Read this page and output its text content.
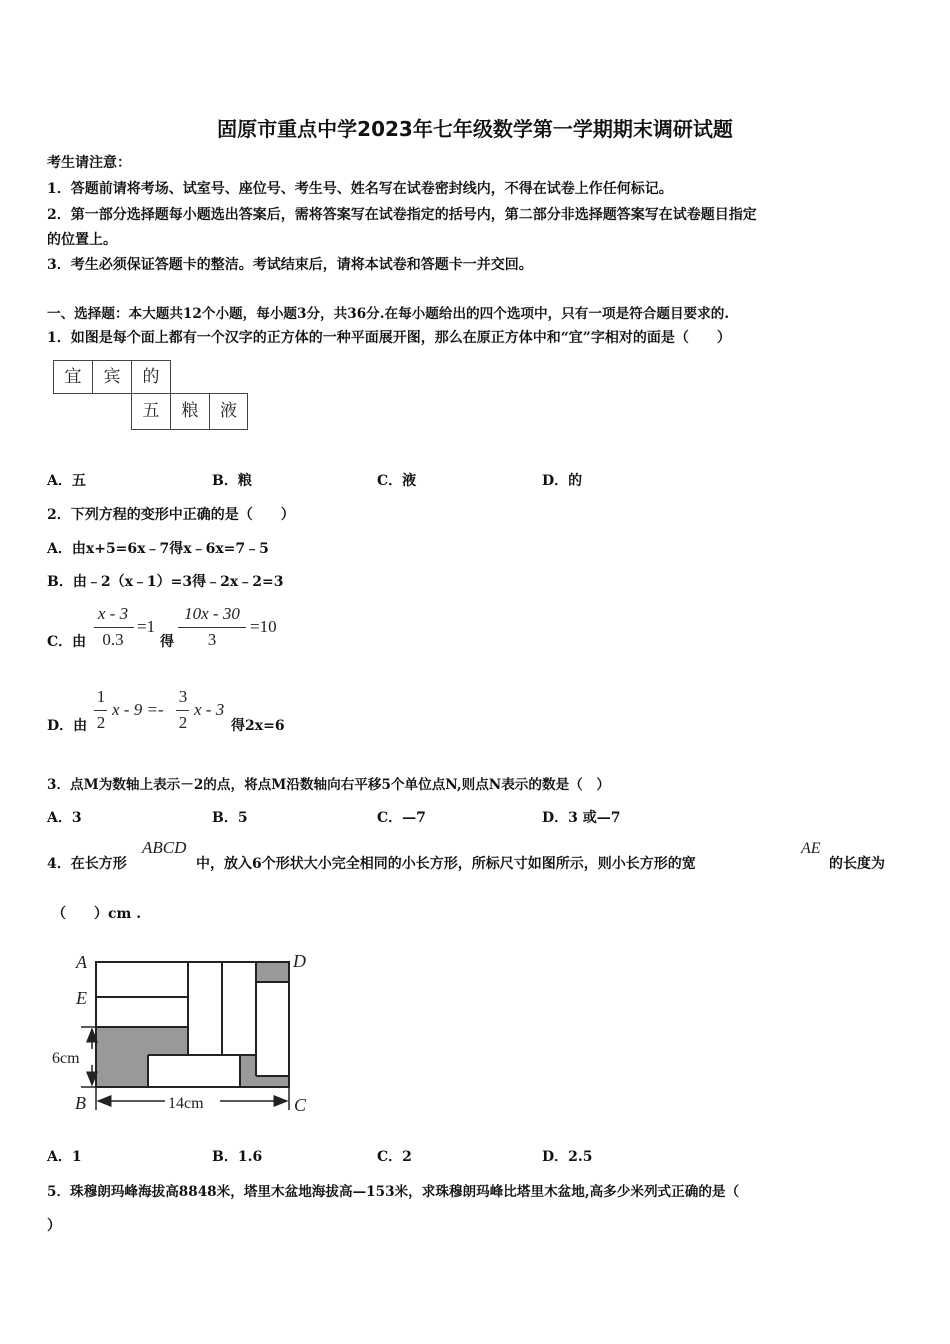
固原市重点中学2023年七年级数学第一学期期末调研试题
考生请注意：
1．答题前请将考场、试室号、座位号、考生号、姓名写在试卷密封线内，不得在试卷上作任何标记。
2．第一部分选择题每小题选出答案后，需将答案写在试卷指定的括号内，第二部分非选择题答案写在试卷题目指定
的位置上。
3．考生必须保证答题卡的整洁。考试结束后，请将本试卷和答题卡一并交回。
一、选择题：本大题共12个小题，每小题3分，共36分.在每小题给出的四个选项中，只有一项是符合题目要求的.
1．如图是每个面上都有一个汉字的正方体的一种平面展开图，那么在原正方体中和“宜”字相对的面是（　　）
宜	宾	的
五	粮	液
A．五	B．粮	C．液	D．的
2．下列方程的变形中正确的是（　　）
A．由x+5=6x﹣7得x﹣6x=7﹣5
B．由﹣2（x﹣1）=3得﹣2x﹣2=3
C．由
x - 3
0.3
=1
得
10x - 30
3
=10
D．由
1
2
x - 9 =-
3
2
x - 3
得2x=6
3．点M为数轴上表示－2的点，将点M沿数轴向右平移5个单位点N,则点N表示的数是（　）
A．3	B．5	C．—7	D．3 或—7
4．在长方形
ABCD
中，放入6个形状大小完全相同的小长方形，所标尺寸如图所示，则小长方形的宽
AE
的长度为
（　　）cm .
A	D
E
B	C
6cm
14cm
A．1	B．1.6	C．2	D．2.5
5．珠穆朗玛峰海拔高8848米，塔里木盆地海拔高—153米，求珠穆朗玛峰比塔里木盆地,高多少米列式正确的是（
）
